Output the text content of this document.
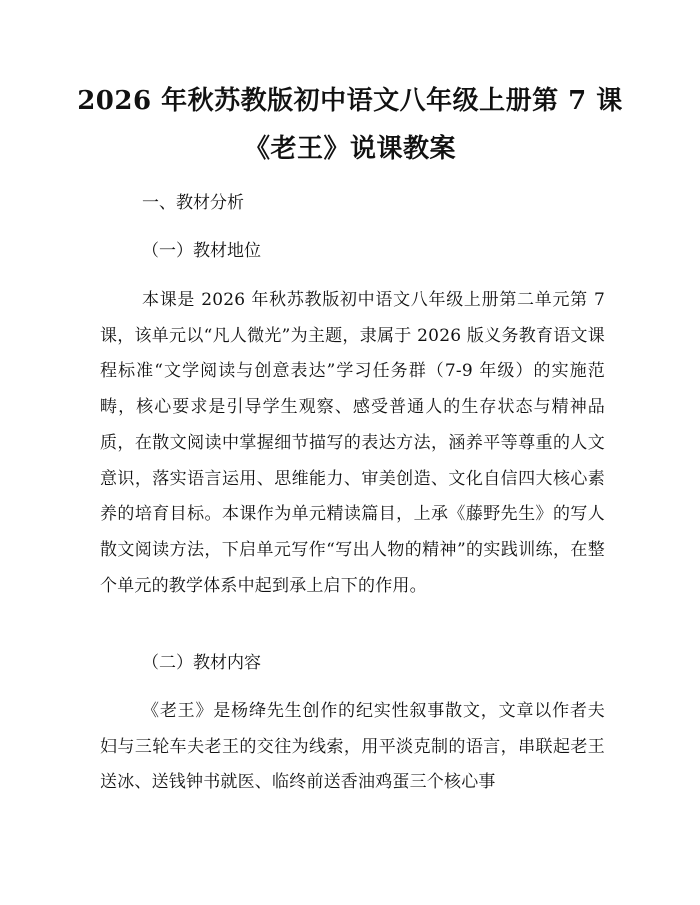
2026 年秋苏教版初中语文八年级上册第 7 课
《老王》说课教案
一、教材分析
（一）教材地位

本课是 2026 年秋苏教版初中语文八年级上册第二单元第 7 课，该单元以“凡人微光”为主题，隶属于 2026 版义务教育语文课程标准“文学阅读与创意表达”学习任务群（7-9 年级）的实施范畴，核心要求是引导学生观察、感受普通人的生存状态与精神品质，在散文阅读中掌握细节描写的表达方法，涵养平等尊重的人文意识，落实语言运用、思维能力、审美创造、文化自信四大核心素养的培育目标。本课作为单元精读篇目，上承《藤野先生》的写人散文阅读方法，下启单元写作“写出人物的精神”的实践训练，在整个单元的教学体系中起到承上启下的作用。

（二）教材内容

《老王》是杨绛先生创作的纪实性叙事散文，文章以作者夫妇与三轮车夫老王的交往为线索，用平淡克制的语言，串联起老王送冰、送钱钟书就医、临终前送香油鸡蛋三个核心事
